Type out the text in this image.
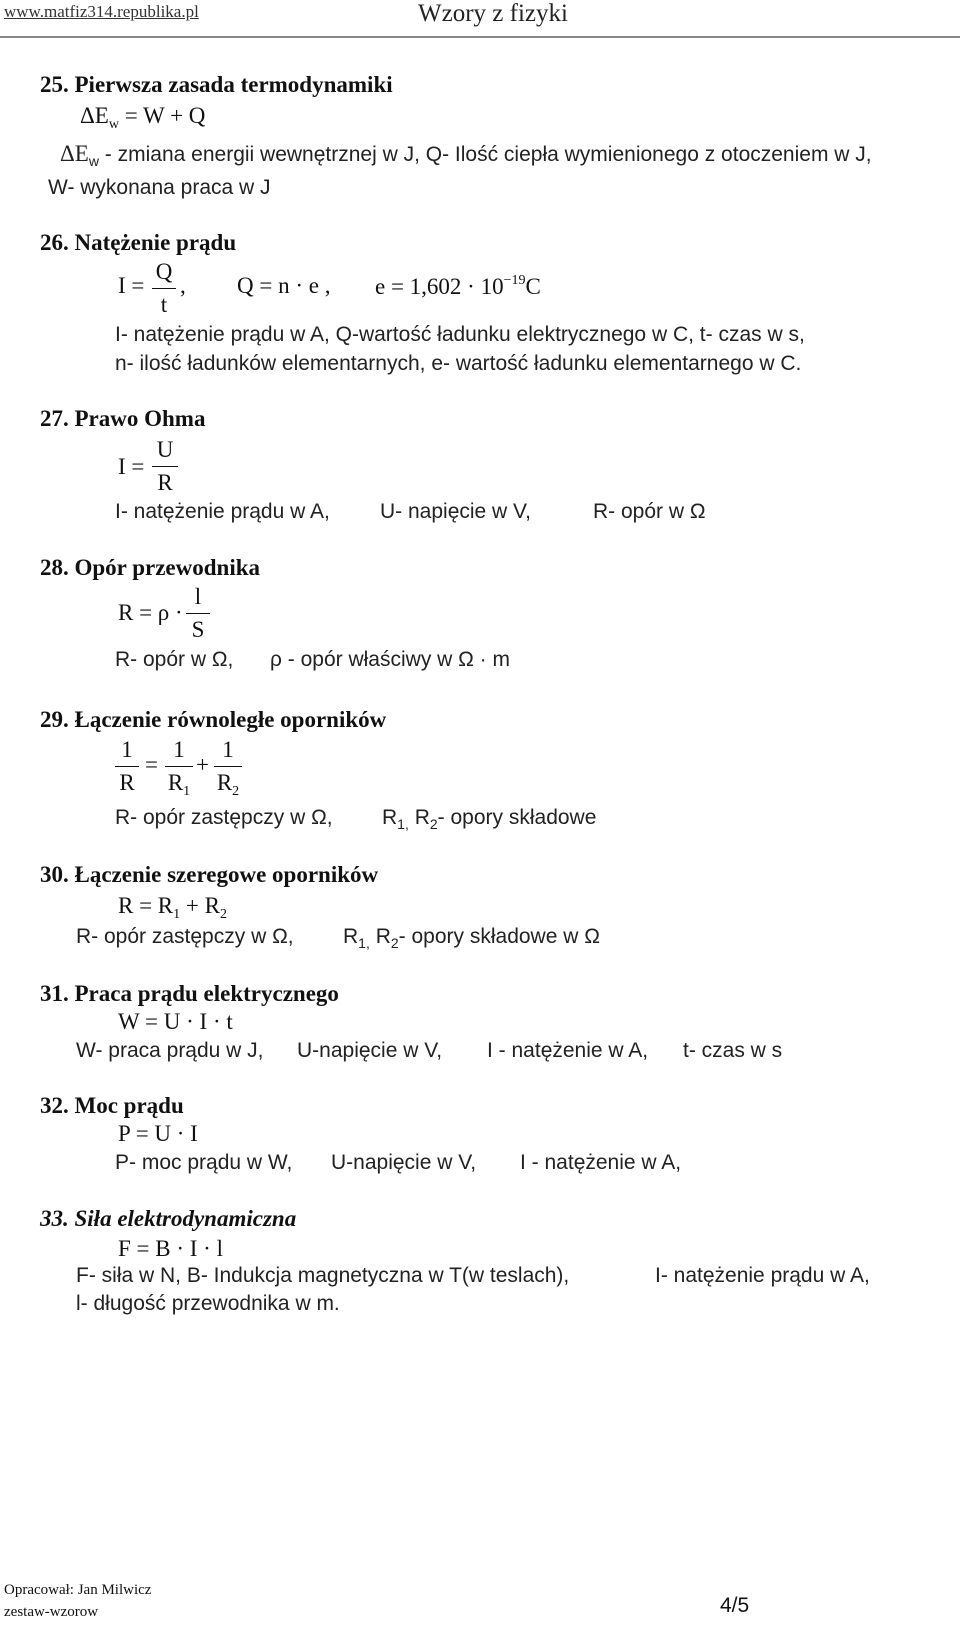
www.matfiz314.republika.pl	Wzory z fizyki
25. Pierwsza zasada termodynamiki
$\Delta E_w = W + Q$
$\Delta E_w$ - zmiana energii wewnętrznej w J, Q- Ilość ciepła wymienionego z otoczeniem w J,
W- wykonana praca w J
26. Natężenie prądu
I =
Q
t
, Q = n · e , $e = 1,602 \cdot 10^{-19}C$
I- natężenie prądu w A, Q-wartość ładunku elektrycznego w C, t- czas w s,
n- ilość ładunków elementarnych, e- wartość ładunku elementarnego w C.
27. Prawo Ohma
I =
U
R
I- natężenie prądu w A, U- napięcie w V,	R- opór w Ω
28. Opór przewodnika
R = ρ ·
l
S
R- opór w Ω, ρ - opór właściwy w Ω · m
29. Łączenie równoległe oporników
1
R
=
1
$R_1$
+
1
$R_2$
R- opór zastępczy w Ω, $R_{1,}$ $R_2-$ opory składowe
30. Łączenie szeregowe oporników
$R = R_1 + R_2$
R- opór zastępczy w Ω, $R_{1,}$ $R_2-$ opory składowe w Ω
31. Praca prądu elektrycznego
W = U · I · t
W- praca prądu w J, U-napięcie w V, I - natężenie w A, t- czas w s
32. Moc prądu
P = U · I
P- moc prądu w W, U-napięcie w V, I - natężenie w A,
33. Siła elektrodynamiczna
F = B · I · l
F- siła w N, B- Indukcja magnetyczna w T(w teslach),	I- natężenie prądu w A,
l- długość przewodnika w m.
Opracował: Jan Milwicz
zestaw-wzorow	4/5
